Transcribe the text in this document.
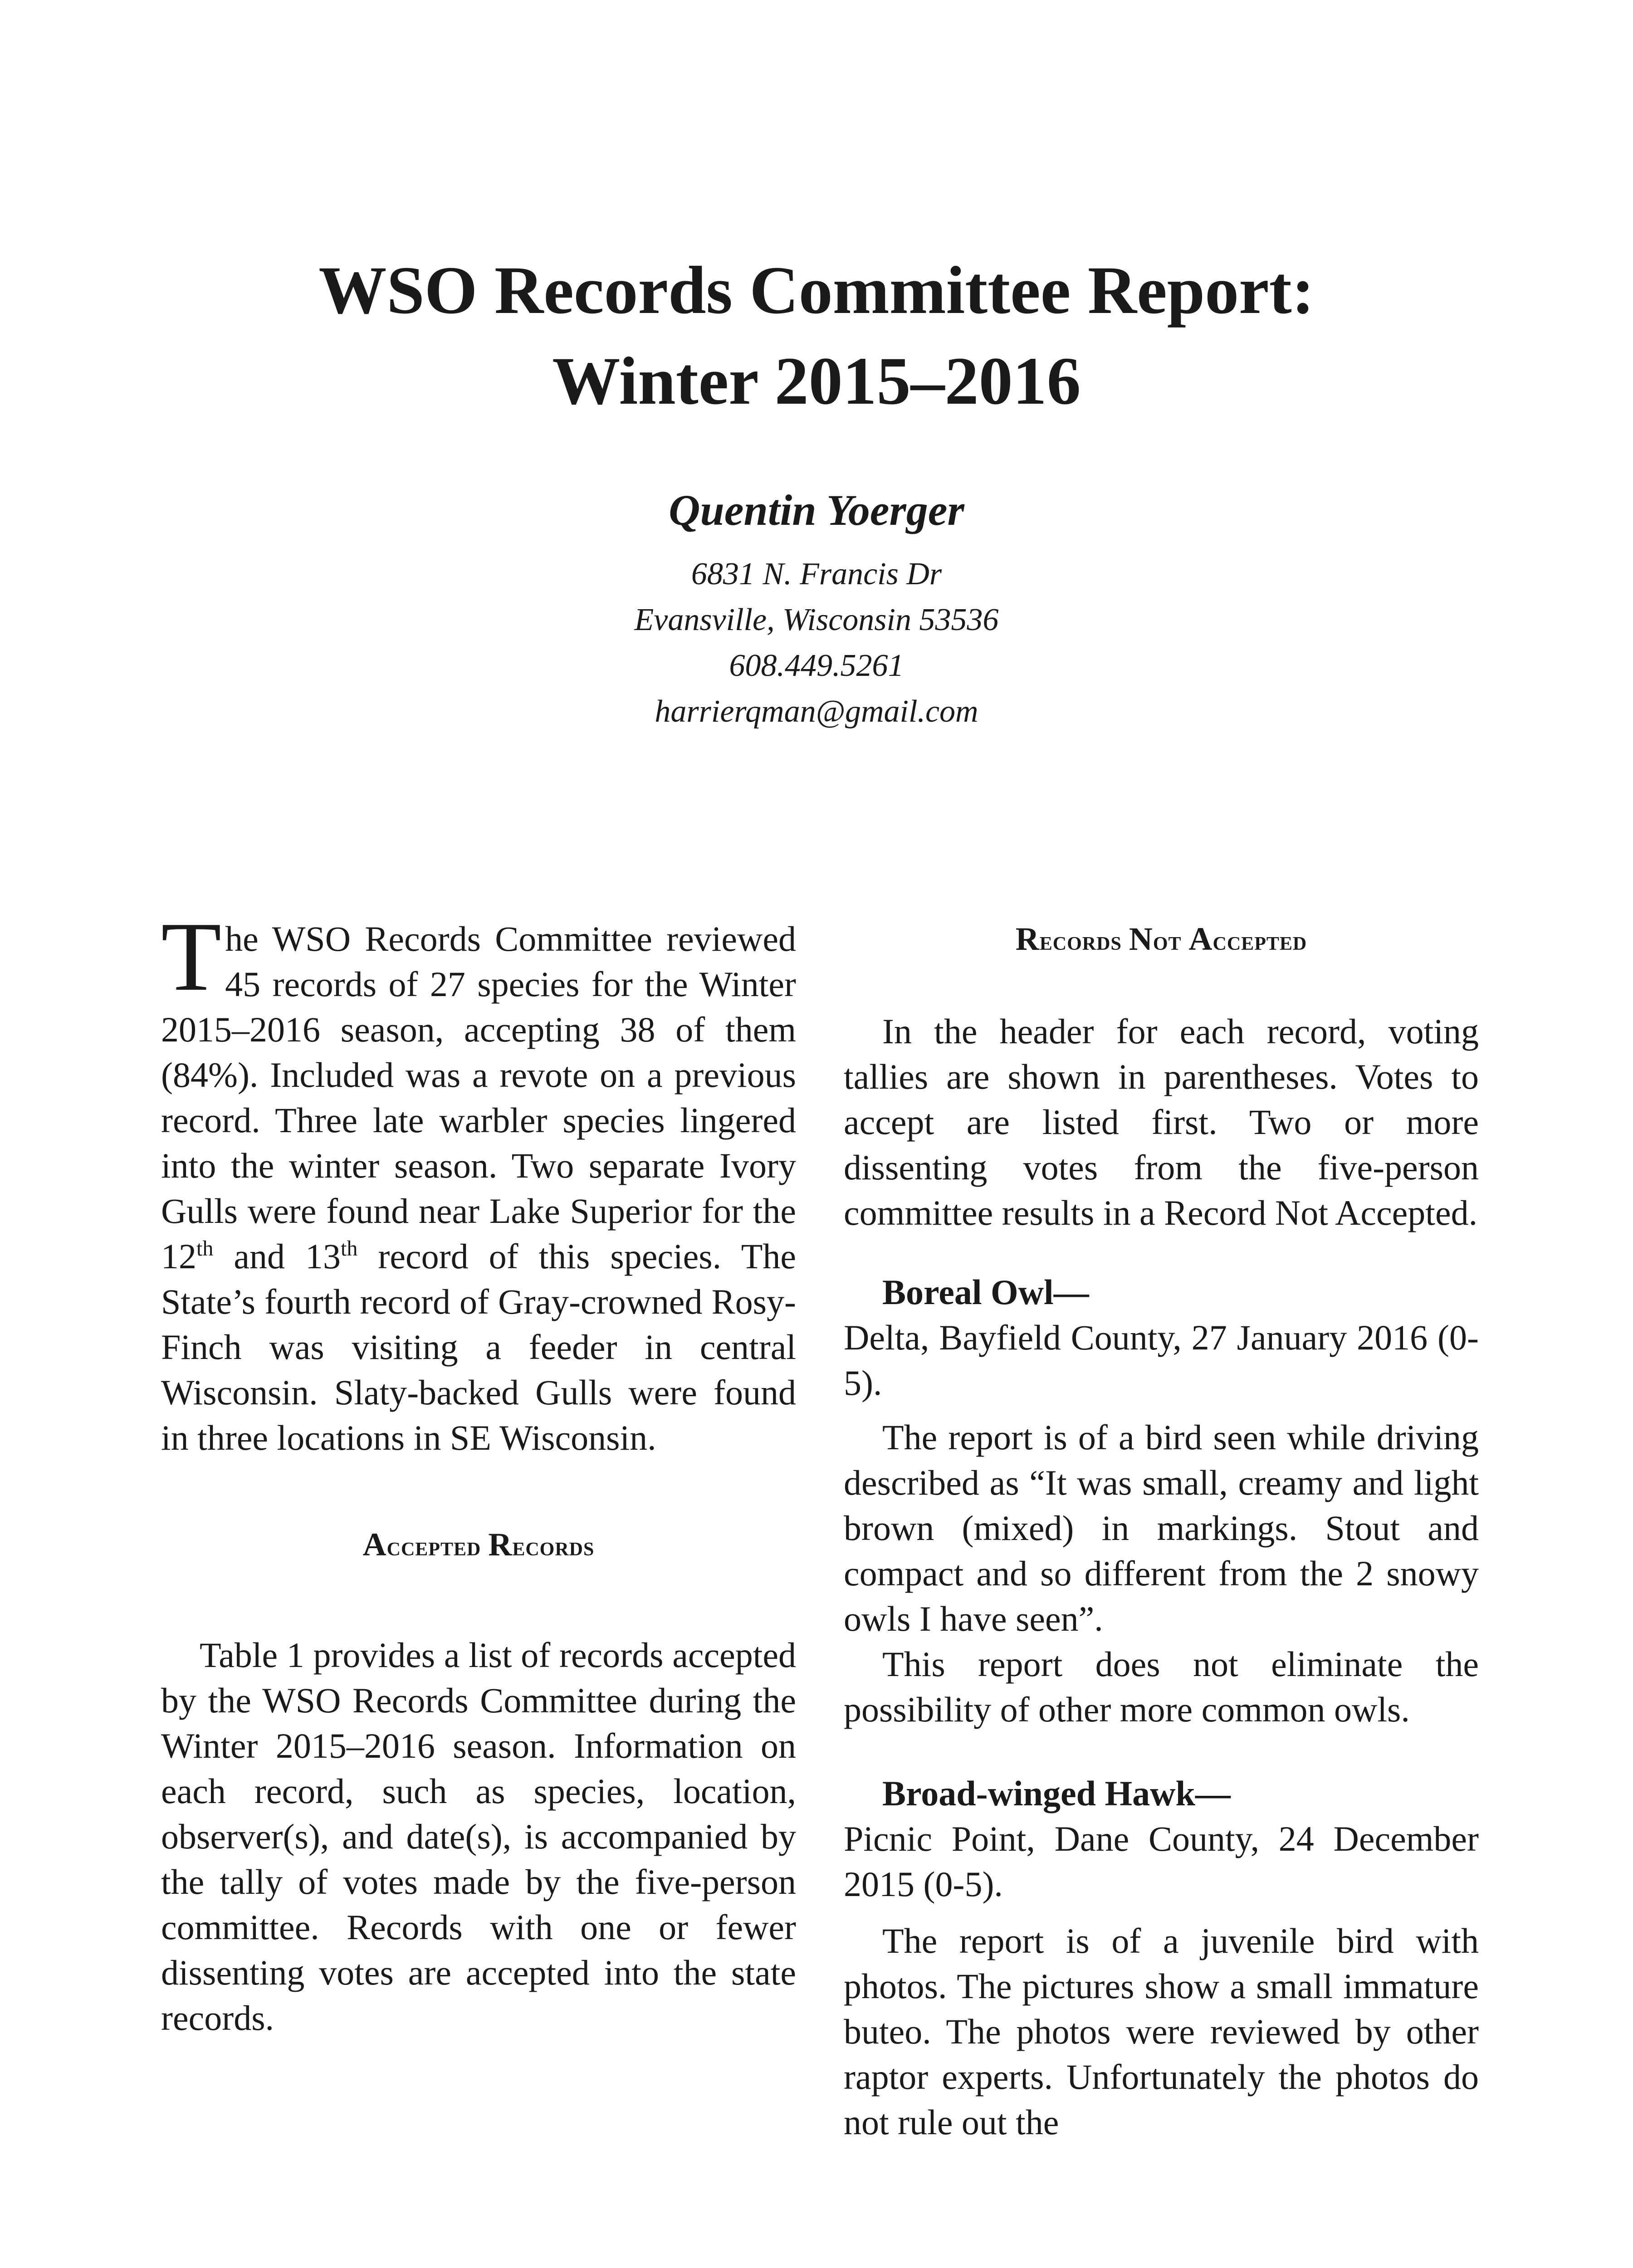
WSO Records Committee Report:
Winter 2015–2016
Quentin Yoerger
6831 N. Francis Dr
Evansville, Wisconsin 53536
608.449.5261
harrierqman@gmail.com

The WSO Records Committee reviewed 45 records of 27 species for the Winter 2015–2016 season, accepting 38 of them (84%). Included was a revote on a previous record. Three late warbler species lingered into the winter season. Two separate Ivory Gulls were found near Lake Superior for the 12th and 13th record of this species. The State’s fourth record of Gray-crowned Rosy-Finch was visiting a feeder in central Wisconsin. Slaty-backed Gulls were found in three locations in SE Wisconsin.

Accepted Records

Table 1 provides a list of records accepted by the WSO Records Committee during the Winter 2015–2016 season. Information on each record, such as species, location, observer(s), and date(s), is accompanied by the tally of votes made by the five-person committee. Records with one or fewer dissenting votes are accepted into the state records.

Records Not Accepted

In the header for each record, voting tallies are shown in parentheses. Votes to accept are listed first. Two or more dissenting votes from the five-person committee results in a Record Not Accepted.

Boreal Owl—

Delta, Bayfield County, 27 January 2016 (0-5).

The report is of a bird seen while driving described as “It was small, creamy and light brown (mixed) in markings. Stout and compact and so different from the 2 snowy owls I have seen”.

This report does not eliminate the possibility of other more common owls.

Broad-winged Hawk—

Picnic Point, Dane County, 24 December 2015 (0-5).

The report is of a juvenile bird with photos. The pictures show a small immature buteo. The photos were reviewed by other raptor experts. Unfortunately the photos do not rule out the
